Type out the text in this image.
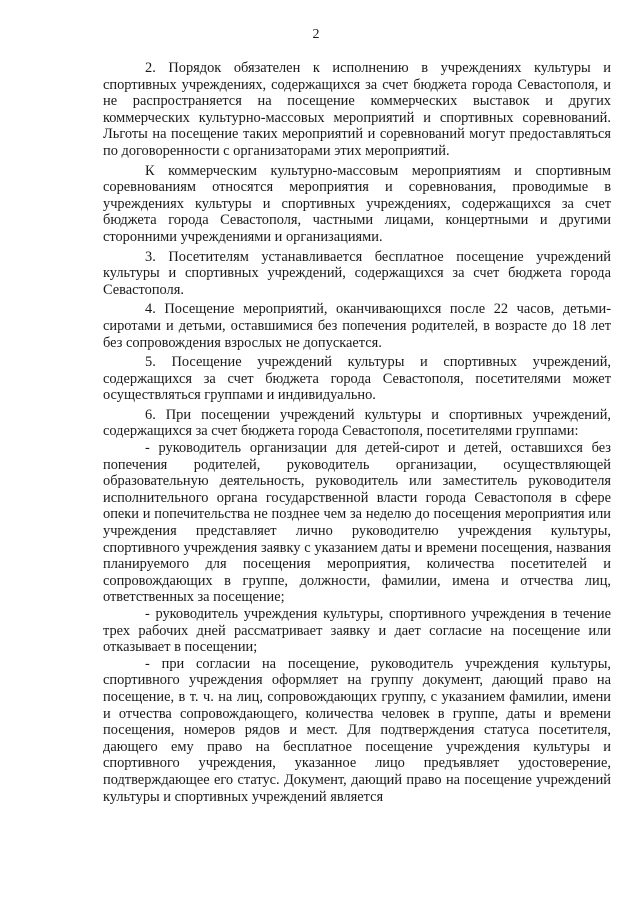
2

2. Порядок обязателен к исполнению в учреждениях культуры и спортивных учреждениях, содержащихся за счет бюджета города Севастополя, и не распространяется на посещение коммерческих выставок и других коммерческих культурно-массовых мероприятий и спортивных соревнований. Льготы на посещение таких мероприятий и соревнований могут предоставляться по договоренности с организаторами этих мероприятий.

К коммерческим культурно-массовым мероприятиям и спортивным соревнованиям относятся мероприятия и соревнования, проводимые в учреждениях культуры и спортивных учреждениях, содержащихся за счет бюджета города Севастополя, частными лицами, концертными и другими сторонними учреждениями и организациями.

3. Посетителям устанавливается бесплатное посещение учреждений культуры и спортивных учреждений, содержащихся за счет бюджета города Севастополя.

4. Посещение мероприятий, оканчивающихся после 22 часов, детьми-сиротами и детьми, оставшимися без попечения родителей, в возрасте до 18 лет без сопровождения взрослых не допускается.

5. Посещение учреждений культуры и спортивных учреждений, содержащихся за счет бюджета города Севастополя, посетителями может осуществляться группами и индивидуально.

6. При посещении учреждений культуры и спортивных учреждений, содержащихся за счет бюджета города Севастополя, посетителями группами:

- руководитель организации для детей-сирот и детей, оставшихся без попечения родителей, руководитель организации, осуществляющей образовательную деятельность, руководитель или заместитель руководителя исполнительного органа государственной власти города Севастополя в сфере опеки и попечительства не позднее чем за неделю до посещения мероприятия или учреждения представляет лично руководителю учреждения культуры, спортивного учреждения заявку с указанием даты и времени посещения, названия планируемого для посещения мероприятия, количества посетителей и сопровождающих в группе, должности, фамилии, имена и отчества лиц, ответственных за посещение;

- руководитель учреждения культуры, спортивного учреждения в течение трех рабочих дней рассматривает заявку и дает согласие на посещение или отказывает в посещении;

- при согласии на посещение, руководитель учреждения культуры, спортивного учреждения оформляет на группу документ, дающий право на посещение, в т. ч. на лиц, сопровождающих группу, с указанием фамилии, имени и отчества сопровождающего, количества человек в группе, даты и времени посещения, номеров рядов и мест. Для подтверждения статуса посетителя, дающего ему право на бесплатное посещение учреждения культуры и спортивного учреждения, указанное лицо предъявляет удостоверение, подтверждающее его статус. Документ, дающий право на посещение учреждений культуры и спортивных учреждений является
